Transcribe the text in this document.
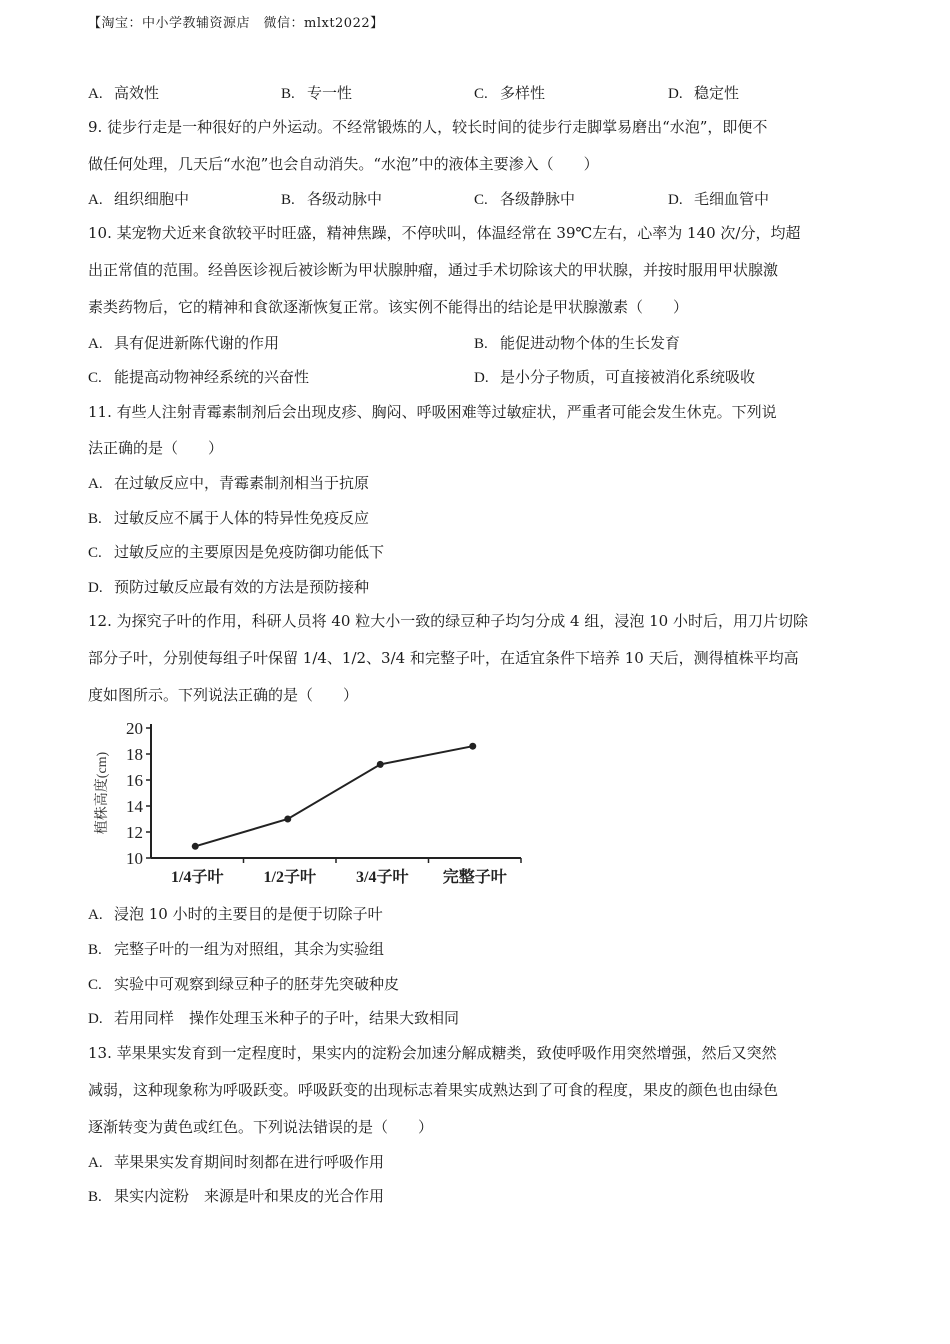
【淘宝：中小学教辅资源店　微信：mlxt2022】
A. 高效性	B. 专一性	C. 多样性	D. 稳定性
9. 徒步行走是一种很好的户外运动。不经常锻炼的人，较长时间的徒步行走脚掌易磨出“水泡”，即便不
做任何处理，几天后“水泡”也会自动消失。“水泡”中的液体主要渗入（　　）
A. 组织细胞中	B. 各级动脉中	C. 各级静脉中	D. 毛细血管中
10. 某宠物犬近来食欲较平时旺盛，精神焦躁，不停吠叫，体温经常在 39℃左右，心率为 140 次/分，均超
出正常值的范围。经兽医诊视后被诊断为甲状腺肿瘤，通过手术切除该犬的甲状腺，并按时服用甲状腺激
素类药物后，它的精神和食欲逐渐恢复正常。该实例不能得出的结论是甲状腺激素（　　）
A. 具有促进新陈代谢的作用	B. 能促进动物个体的生长发育
C. 能提高动物神经系统的兴奋性	D. 是小分子物质，可直接被消化系统吸收
11. 有些人注射青霉素制剂后会出现皮疹、胸闷、呼吸困难等过敏症状，严重者可能会发生休克。下列说
法正确的是（　　）
A. 在过敏反应中，青霉素制剂相当于抗原
B. 过敏反应不属于人体的特异性免疫反应
C. 过敏反应的主要原因是免疫防御功能低下
D. 预防过敏反应最有效的方法是预防接种
12. 为探究子叶的作用，科研人员将 40 粒大小一致的绿豆种子均匀分成 4 组，浸泡 10 小时后，用刀片切除
部分子叶，分别使每组子叶保留 1/4、1/2、3/4 和完整子叶，在适宜条件下培养 10 天后，测得植株平均高
度如图所示。下列说法正确的是（　　）
10
12
14
16
18
20
1/4子叶	1/2子叶	3/4子叶 完整子叶
植株高度(cm)
A. 浸泡 10 小时的主要目的是便于切除子叶
B. 完整子叶的一组为对照组，其余为实验组
C. 实验中可观察到绿豆种子的胚芽先突破种皮
D. 若用同样　操作处理玉米种子的子叶，结果大致相同
13. 苹果果实发育到一定程度时，果实内的淀粉会加速分解成糖类，致使呼吸作用突然增强，然后又突然
减弱，这种现象称为呼吸跃变。呼吸跃变的出现标志着果实成熟达到了可食的程度，果皮的颜色也由绿色
逐渐转变为黄色或红色。下列说法错误的是（　　）
A. 苹果果实发育期间时刻都在进行呼吸作用
B. 果实内淀粉　来源是叶和果皮的光合作用
